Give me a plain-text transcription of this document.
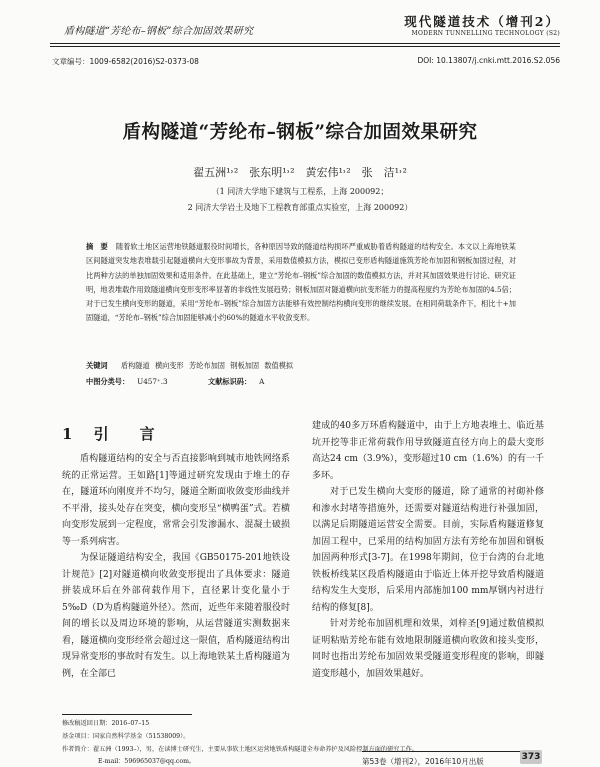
盾构隧道“芳纶布–钢板”综合加固效果研究
现代隧道技术（增刊2）
MODERN TUNNELLING TECHNOLOGY (S2)
文章编号：1009-6582(2016)S2-0373-08	DOI: 10.13807/j.cnki.mtt.2016.S2.056
盾构隧道“芳纶布–钢板”综合加固效果研究
翟五洲¹˒²　张东明¹˒²　黄宏伟¹˒²　张　洁¹˒²
（1 同济大学地下建筑与工程系，上海 200092；
2 同济大学岩土及地下工程教育部重点实验室，上海 200092）
摘　要 随着软土地区运营地铁隧道服役时间增长，各种原因导致的隧道结构损坏严重威胁着盾构隧道的结构安全。本文以上海地铁某区间隧道突发地表堆载引起隧道横向大变形事故为背景，采用数值模拟方法，模拟已变形盾构隧道施筑芳纶布加固和钢板加固过程，对比两种方法的单独加固效果和适用条件。在此基础上，建立“芳纶布–钢板”综合加固的数值模拟方法，并对其加固效果进行讨论、研究证明，地表堆载作用致隧道横向变形变形率显著的非线性发展趋势；钢板加固对隧道横向抗变形能力的提高程度约为芳纶布加固的4.5倍；对于已发生横向变形的隧道，采用“芳纶布–钢板”综合加固方法能够有效控制结构横向变形的继续发展。在相同荷载条件下，相比十+加固隧道，“芳纶布–钢板”综合加固能够减小约60%的隧道水平收敛变形。
关键词 盾构隧道 横向变形 芳纶布加固 钢板加固 数值模拟
中图分类号： U457⁺.3	文献标识码： A
1 引　言

盾构隧道结构的安全与否直接影响到城市地铁网络系统的正常运营。王如路[1]等通过研究发现由于堆土的存在，隧道环向刚度并不均匀，隧道全断面收敛变形曲线并不平滑，接头处存在突变，横向变形呈“横鸭蛋”式。若横向变形发展到一定程度，常常会引发渗漏水、混凝土破损等一系列病害。

为保证隧道结构安全，我国《GB50175-201地铁设计规范》[2]对隧道横向收敛变形提出了具体要求：隧道拼装成环后在外部荷载作用下，直径累计变化量小于5‰D（D为盾构隧道外径）。然而，近些年来随着服役时间的增长以及周边环境的影响，从运营隧道实测数据来看，隧道横向变形经常会超过这一限值，盾构隧道结构出现异常变形的事故时有发生。以上海地铁某土盾构隧道为例，在全部已

建成的40多万环盾构隧道中，由于上方地表堆土、临近基坑开挖等非正常荷载作用导致隧道直径方向上的最大变形高达24 cm（3.9%），变形超过10 cm（1.6%）的有一千多环。

对于已发生横向大变形的隧道，除了通常的衬砌补修和渗水封堵等措施外，还需要对隧道结构进行补强加固，以满足后期隧道运营安全需要。目前，实际盾构隧道修复加固工程中，已采用的结构加固方法有芳纶布加固和钢板加固两种形式[3-7]。在1998年期间，位于台湾的台北地铁板桥线某区段盾构隧道由于临近上体开挖导致盾构隧道结构发生大变形，后采用内部施加100 mm厚钢内衬进行结构的修复[8]。

针对芳纶布加固机理和效果，刘梓圣[9]通过数值模拟证明粘贴芳纶布能有效地限制隧道横向收敛和接头变形，同时也指出芳纶布加固效果受隧道变形程度的影响，即隧道变形越小，加固效果越好。

修改稿返回日期：2016–07–15
基金项目：国家自然科学基金（51538009）。
作者简介：翟五洲（1993–），男，在读博士研究生，主要从事软土地区运营地铁盾构隧道全寿命养护及风险控制方面的研究工作。
E-mail：596965037@qq.com。	第53卷（增刊2），2016年10月出版	373
